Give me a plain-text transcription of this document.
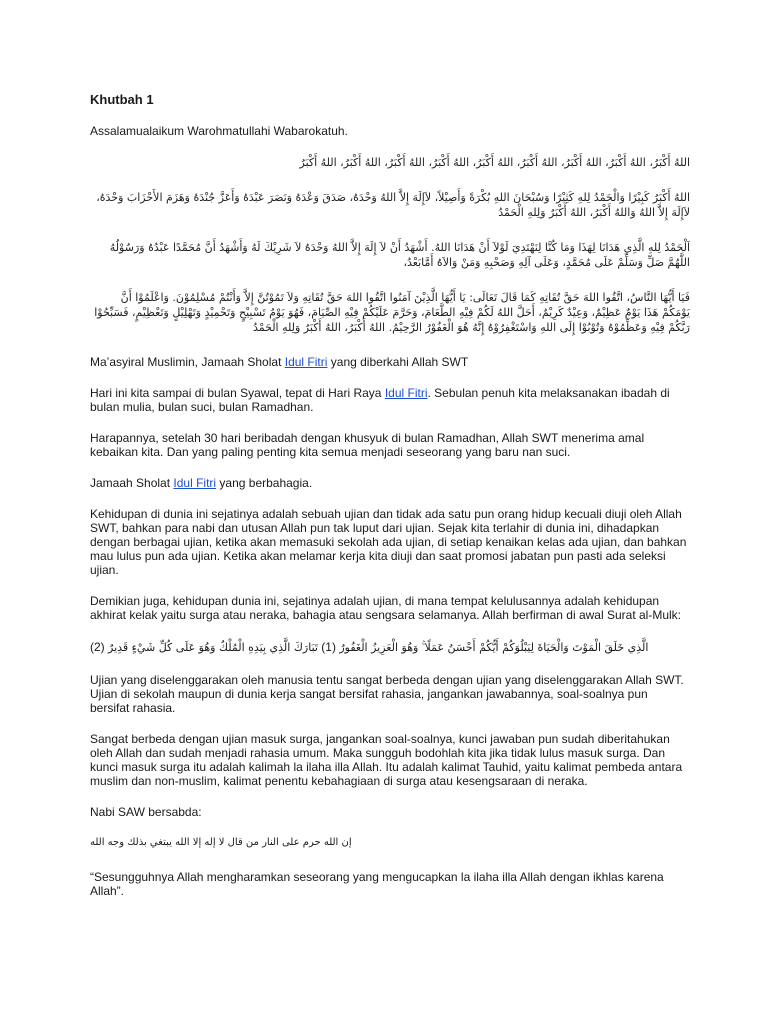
Khutbah 1

Assalamualaikum Warohmatullahi Wabarokatuh.

اللهُ أَكْبَرُ، اللهُ أَكْبَرُ، اللهُ أَكْبَرُ، اللهُ أَكْبَرُ، اللهُ أَكْبَرُ، اللهُ أَكْبَرُ، اللهُ أَكْبَرُ، اللهُ أَكْبَرُ، اللهُ أَكْبَرُ
اللهُ أَكْبَرُ كَبِيْرًا وَالْحَمْدُ لِلهِ كَثِيْرًا وَسُبْحَانَ اللهِ بُكْرَةً وَأَصِيْلاً، لاَإِلَهَ إِلاَّ اللهُ وَحْدَهُ، صَدَقَ وَعْدَهُ وَنَصَرَ عَبْدَهُ وَأَعَزَّ جُنْدَهُ وَهَزَمَ الأَحْزَابَ وَحْدَهُ، لاَإِلَهَ إِلاَّ اللهُ وَاللهُ أَكْبَرُ، اللهُ أَكْبَرُ وَلِلهِ الْحَمْدُ
اَلْحَمْدُ لِلهِ الَّذِى هَدَانَا لِهَذَا وَمَا كُنَّا لِنَهْتَدِيَ لَوْلاَ أَنْ هَدَانَا اللهُ. أَشْهَدُ أَنْ لاَ إِلَهَ إِلاَّ اللهُ وَحْدَهُ لاَ شَرِيْكَ لَهُ وَأَشْهَدُ أَنَّ مُحَمَّدًا عَبْدُهُ وَرَسُوْلُهُ اللَّهُمَّ صَلِّ وَسَلِّمْ عَلَى مُحَمَّدٍ، وَعَلَى آلِهِ وَصَحْبِهِ وَمَنْ وَالاَهُ أَمَّابَعْدُ،
فَيَا أَيُّهَا النَّاسُ، اتَّقُوا اللهَ حَقَّ تُقَاتِهِ كَمَا قَالَ تَعَالَى: يَا أَيُّهَا الَّذِيْنَ آمَنُوا اتَّقُوا اللهَ حَقَّ تُقَاتِهِ وَلاَ تَمُوْتُنَّ إِلاَّ وَأَنْتُمْ مُسْلِمُوْنَ. وَاعْلَمُوْا أَنَّ يَوْمَكُمْ هَذَا يَوْمٌ عَظِيْمٌ، وَعِيْدٌ كَرِيْمٌ، أَحَلَّ اللهُ لَكُمْ فِيْهِ الطَّعَامَ، وَحَرَّمَ عَلَيْكُمْ فِيْهِ الصِّيَامَ، فَهُوَ يَوْمُ تَسْبِيْحٍ وَتَحْمِيْدٍ وَتَهْلِيْلٍ وَتَعْظِيْمٍ، فَسَبِّحُوْا رَبَّكُمْ فِيْهِ وَعَظِّمُوْهُ وَتُوْبُوْا إِلَى اللهِ وَاسْتَغْفِرُوْهُ إِنَّهُ هُوَ الْغَفُوْرُ الرَّحِيْمُ. اللهُ أَكْبَرُ، اللهُ أَكْبَرُ وَلِلهِ الْحَمْدُ

Ma’asyiral Muslimin, Jamaah Sholat Idul Fitri yang diberkahi Allah SWT

Hari ini kita sampai di bulan Syawal, tepat di Hari Raya Idul Fitri. Sebulan penuh kita melaksanakan ibadah di bulan mulia, bulan suci, bulan Ramadhan.

Harapannya, setelah 30 hari beribadah dengan khusyuk di bulan Ramadhan, Allah SWT menerima amal kebaikan kita. Dan yang paling penting kita semua menjadi seseorang yang baru nan suci.

Jamaah Sholat Idul Fitri yang berbahagia.

Kehidupan di dunia ini sejatinya adalah sebuah ujian dan tidak ada satu pun orang hidup kecuali diuji oleh Allah SWT, bahkan para nabi dan utusan Allah pun tak luput dari ujian. Sejak kita terlahir di dunia ini, dihadapkan dengan berbagai ujian, ketika akan memasuki sekolah ada ujian, di setiap kenaikan kelas ada ujian, dan bahkan mau lulus pun ada ujian. Ketika akan melamar kerja kita diuji dan saat promosi jabatan pun pasti ada seleksi ujian.

Demikian juga, kehidupan dunia ini, sejatinya adalah ujian, di mana tempat kelulusannya adalah kehidupan akhirat kelak yaitu surga atau neraka, bahagia atau sengsara selamanya. Allah berfirman di awal Surat al-Mulk:

(2)	الَّذِي خَلَقَ الْمَوْتَ وَالْحَيَاةَ لِيَبْلُوَكُمْ أَيُّكُمْ أَحْسَنُ عَمَلًا ۚ وَهُوَ الْعَزِيزُ الْغَفُورُ (1) تَبَارَكَ الَّذِي بِيَدِهِ الْمُلْكُ وَهُوَ عَلَى كُلِّ شَيْءٍ قَدِيرٌ

Ujian yang diselenggarakan oleh manusia tentu sangat berbeda dengan ujian yang diselenggarakan Allah SWT. Ujian di sekolah maupun di dunia kerja sangat bersifat rahasia, jangankan jawabannya, soal-soalnya pun bersifat rahasia.

Sangat berbeda dengan ujian masuk surga, jangankan soal-soalnya, kunci jawaban pun sudah diberitahukan oleh Allah dan sudah menjadi rahasia umum. Maka sungguh bodohlah kita jika tidak lulus masuk surga. Dan kunci masuk surga itu adalah kalimah la ilaha illa Allah. Itu adalah kalimat Tauhid, yaitu kalimat pembeda antara muslim dan non-muslim, kalimat penentu kebahagiaan di surga atau kesengsaraan di neraka.

Nabi SAW bersabda:

إن الله حرم على النار من قال لا إله إلا الله يبتغي بذلك وجه الله

“Sesungguhnya Allah mengharamkan seseorang yang mengucapkan la ilaha illa Allah dengan ikhlas karena Allah”.
